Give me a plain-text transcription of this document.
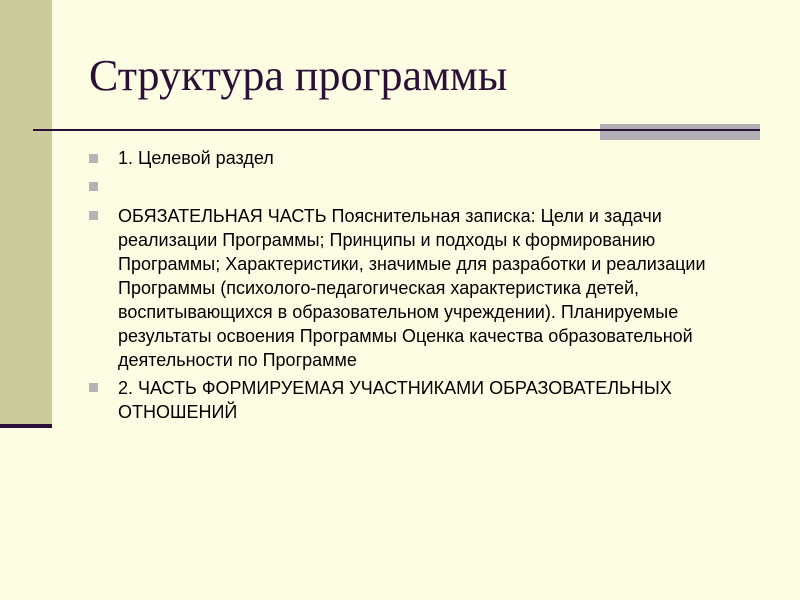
Структура программы
1. Целевой раздел
ОБЯЗАТЕЛЬНАЯ ЧАСТЬ Пояснительная записка: Цели и задачи реализации Программы; Принципы и подходы к формированию Программы; Характеристики, значимые для разработки и реализации Программы (психолого-педагогическая характеристика детей, воспитывающихся в образовательном учреждении). Планируемые результаты освоения Программы Оценка качества образовательной деятельности по Программе
2. ЧАСТЬ ФОРМИРУЕМАЯ УЧАСТНИКАМИ ОБРАЗОВАТЕЛЬНЫХ ОТНОШЕНИЙ
